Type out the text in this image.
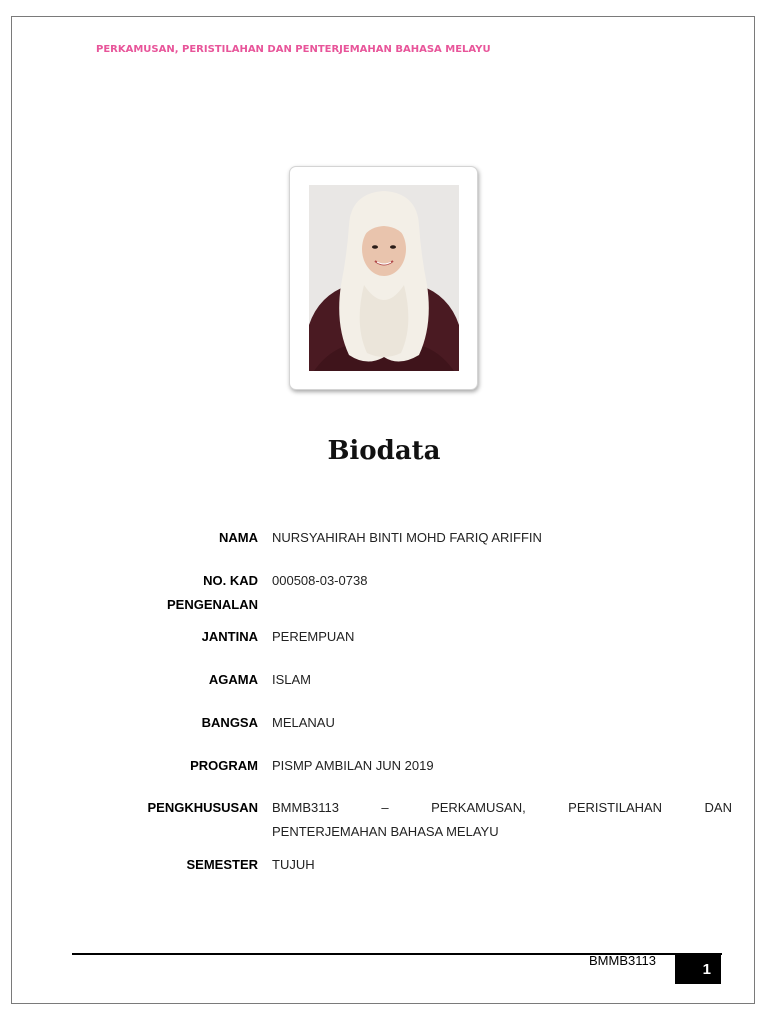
PERKAMUSAN, PERISTILAHAN DAN PENTERJEMAHAN BAHASA MELAYU
Biodata
NAMA NURSYAHIRAH BINTI MOHD FARIQ ARIFFIN
NO. KAD
PENGENALAN
000508-03-0738
JANTINA PEREMPUAN
AGAMA ISLAM
BANGSA MELANAU
PROGRAM PISMP AMBILAN JUN 2019
PENGKHUSUSAN BMMB3113	–	PERKAMUSAN,	PERISTILAHAN	DAN
PENTERJEMAHAN BAHASA MELAYU
SEMESTER TUJUH
BMMB3113
1
